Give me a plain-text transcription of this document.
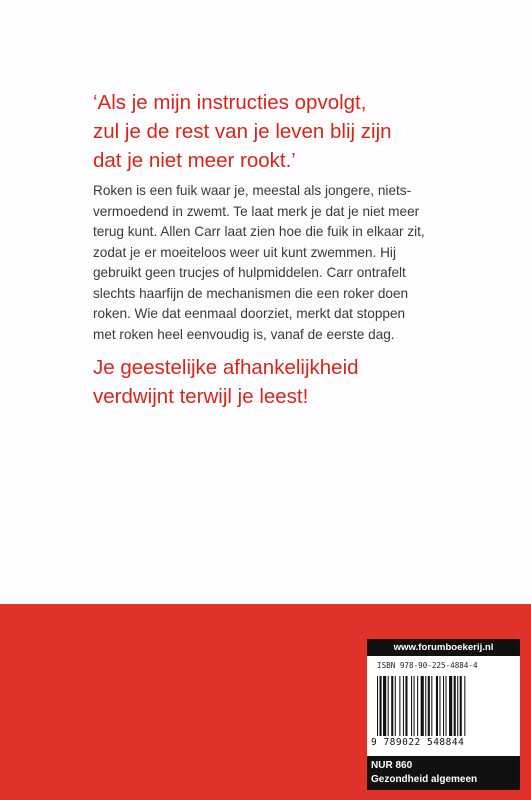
‘Als je mijn instructies opvolgt,
zul je de rest van je leven blij zijn
dat je niet meer rookt.’

Roken is een fuik waar je, meestal als jongere, niets-
vermoedend in zwemt. Te laat merk je dat je niet meer
terug kunt. Allen Carr laat zien hoe die fuik in elkaar zit,
zodat je er moeiteloos weer uit kunt zwemmen. Hij
gebruikt geen trucjes of hulpmiddelen. Carr ontrafelt
slechts haarfijn de mechanismen die een roker doen
roken. Wie dat eenmaal doorziet, merkt dat stoppen
met roken heel eenvoudig is, vanaf de eerste dag.

Je geestelijke afhankelijkheid
verdwijnt terwijl je leest!

www.forumboekerij.nl
ISBN 978-90-225-4884-4
9 789022 548844
NUR 860
Gezondheid algemeen
